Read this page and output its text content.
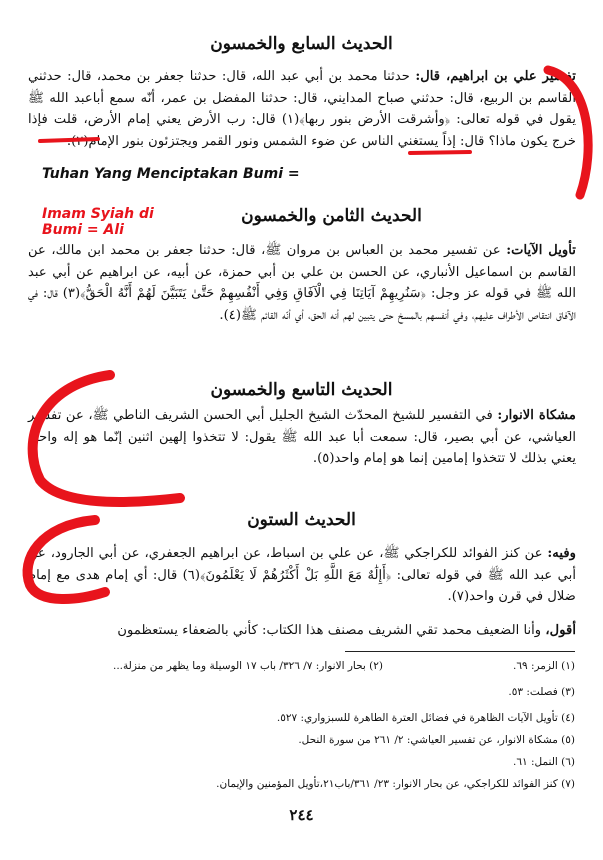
الحديث السابع والخمسون
تفسير علي بن ابراهيم، قال: حدثنا محمد بن أبي عبد الله، قال: حدثنا جعفر بن محمد، قال: حدثني القاسم بن الربيع، قال: حدثني صباح المدايني، قال: حدثنا المفضل بن عمر، أنّه سمع أباعبد الله ﷺ يقول في قوله تعالى: ﴿وأشرقت الأرض بنور ربها﴾(١) قال: رب الأرض يعني إمام الأرض، قلت فإذا خرج يكون ماذا؟ قال: إذاً يستغني الناس عن ضوء الشمس ونور القمر ويجتزئون بنور الإمام(٢).
Tuhan Yang Menciptakan Bumi =
Imam Syiah di Bumi = Ali
الحديث الثامن والخمسون
تأويل الآيات: عن تفسير محمد بن العباس بن مروان ﷺ، قال: حدثنا جعفر بن محمد ابن مالك، عن القاسم بن اسماعيل الأنباري، عن الحسن بن علي بن أبي حمزة، عن أبيه، عن ابراهيم عن أبي عبد الله ﷺ في قوله عز وجل: ﴿سَنُرِيهِمْ آيَاتِنَا فِي الْآفَاقِ وَفِي أَنْفُسِهِمْ حَتَّىٰ يَتَبَيَّنَ لَهُمْ أَنَّهُ الْحَقُّ﴾(٣) قال: في الآفاق انتقاص الأطراف عليهم، وفي أنفسهم بالمسخ حتى يتبين لهم أنه الحق، أي أنّه القائم ﷺ(٤).
الحديث التاسع والخمسون
مشكاة الانوار: في التفسير للشيخ المحدّث الشيخ الجليل أبي الحسن الشريف الناطي ﷺ، عن تفسير العياشي، عن أبي بصير، قال: سمعت أبا عبد الله ﷺ يقول: لا تتخذوا إلهين اثنين إنّما هو إله واحد، يعني بذلك لا تتخذوا إمامين إنما هو إمام واحد(٥).
الحديث الستون
وفيه: عن كنز الفوائد للكراجكي ﷺ، عن علي بن اسباط، عن ابراهيم الجعفري، عن أبي الجارود، عن أبي عبد الله ﷺ في قوله تعالى: ﴿أَإِلَٰهٌ مَعَ اللَّهِ بَلْ أَكْثَرُهُمْ لَا يَعْلَمُونَ﴾(٦) قال: أي إمام هدى مع إمام ضلال في قرن واحد(٧).
أقول، وأنا الضعيف محمد تقي الشريف مصنف هذا الكتاب: كأني بالضعفاء يستعظمون
(١) الزمر: ٦٩.
(٢) بحار الانوار: ٧/ ٣٢٦/ باب ١٧ الوسيلة وما يظهر من منزلة...
(٣) فصلت: ٥٣.
(٤) تأويل الآيات الظاهرة في فضائل العترة الطاهرة للسبزواري: ٥٢٧.
(٥) مشكاة الانوار، عن تفسير العياشي: ٢/ ٢٦١ من سورة النحل.
(٦) النمل: ٦١.
(٧) كنز الفوائد للكراجكي، عن بحار الانوار: ٢٣/ ٣٦١/باب٢١،تأويل المؤمنين والإيمان.
٢٤٤
